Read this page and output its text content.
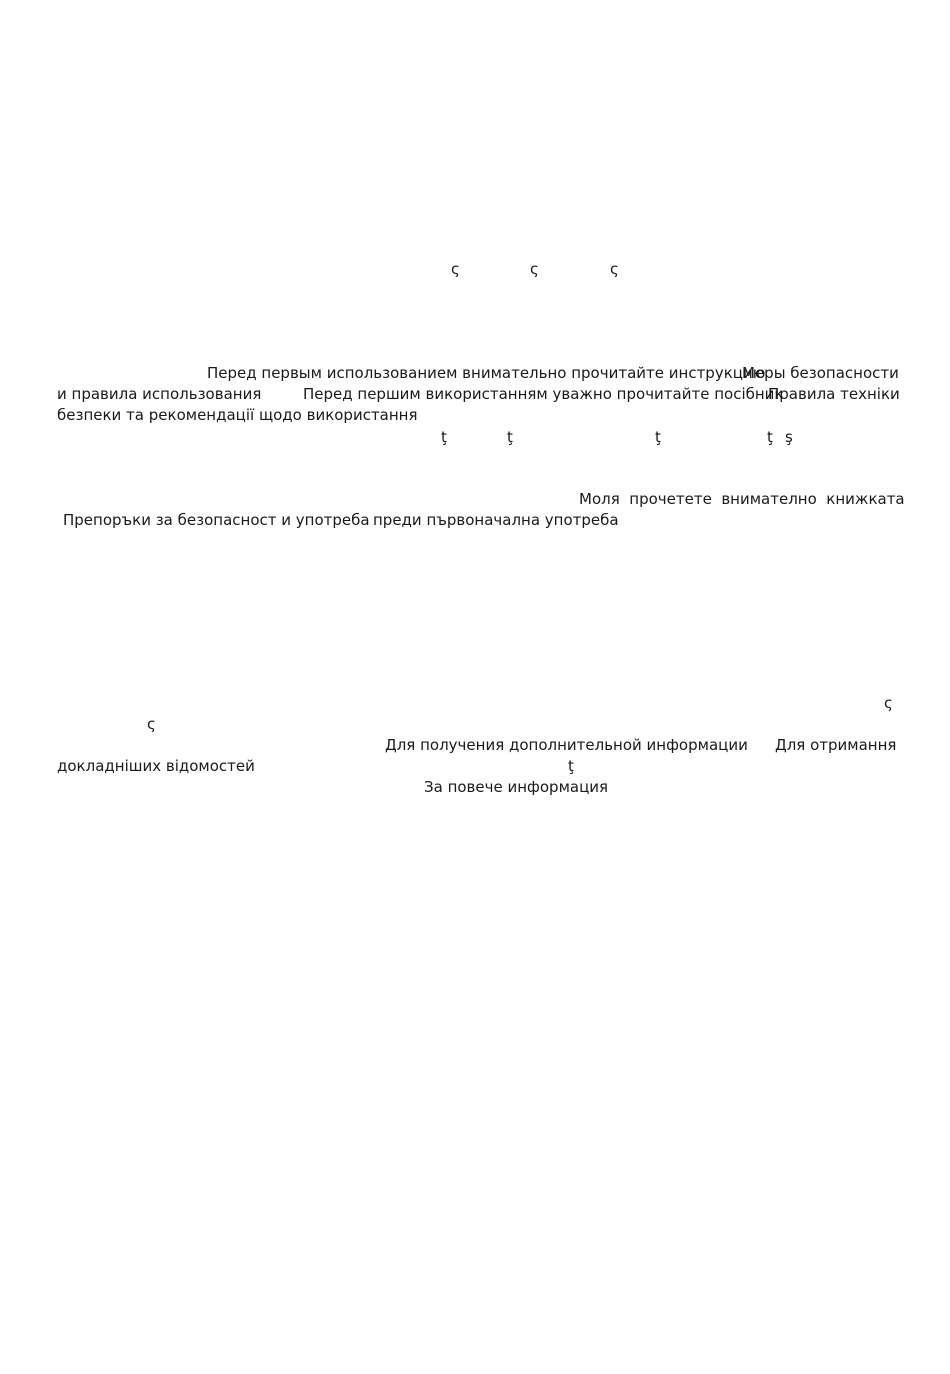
ς	ς	ς
Перед первым использованием внимательно прочитайте инструкцию
Меры безопасности
и правила использования	Перед першим використанням уважно прочитайте посібник
Правила техніки
безпеки та рекомендації щодо використання
ţ	ţ	ţ	ţ ş
Моля  прочетете  внимателно  книжката
Препоръки за безопасност и употреба преди първоначална употреба
ς
ς
Для получения дополнительной информации Для отримання
докладніших відомостей	ţ
За повече информация
